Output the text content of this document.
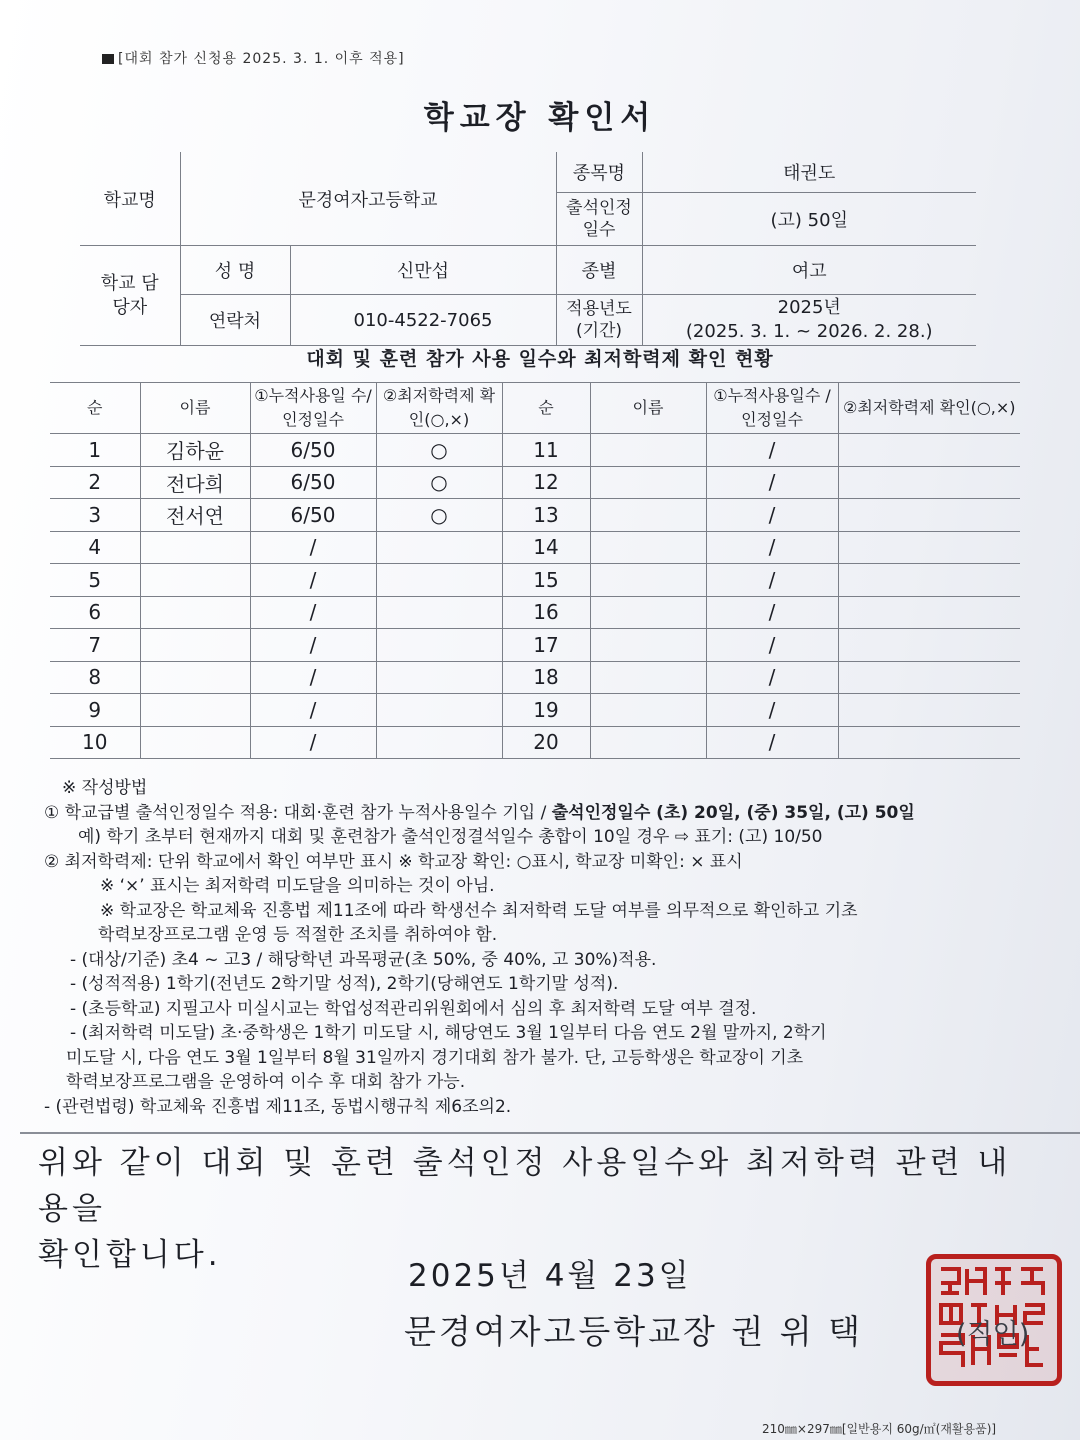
[대회 참가 신청용 2025. 3. 1. 이후 적용]
학교장 확인서
학교명	문경여자고등학교		종목명	태권도
			출석인정 일수	(고) 50일
학교 담당자	성 명	신만섭	종별	여고
	연락처	010-4522-7065	적용년도 (기간)	2025년
(2025. 3. 1. ~ 2026. 2. 28.)
대회 및 훈련 참가 사용 일수와 최저학력제 확인 현황
순	이름	①누적사용일 수/인정일수	②최저학력제 확인(○,×)	순	이름	①누적사용일수 /인정일수	②최저학력제 확인(○,×)
1	김하윤	6/50	○	11		/	
2	전다희	6/50	○	12		/	
3	전서연	6/50	○	13		/	
4		/		14		/	
5		/		15		/	
6		/		16		/	
7		/		17		/	
8		/		18		/	
9		/		19		/	
10		/		20		/	
※ 작성방법
① 학교급별 출석인정일수 적용: 대회·훈련 참가 누적사용일수 기입 / 출석인정일수 (초) 20일, (중) 35일, (고) 50일
예) 학기 초부터 현재까지 대회 및 훈련참가 출석인정결석일수 총합이 10일 경우 ⇨ 표기: (고) 10/50
② 최저학력제: 단위 학교에서 확인 여부만 표시 ※ 학교장 확인: ○표시, 학교장 미확인: × 표시
※ ‘×’ 표시는 최저학력 미도달을 의미하는 것이 아님.
※ 학교장은 학교체육 진흥법 제11조에 따라 학생선수 최저학력 도달 여부를 의무적으로 확인하고 기초
학력보장프로그램 운영 등 적절한 조치를 취하여야 함.
- (대상/기준) 초4 ~ 고3 / 해당학년 과목평균(초 50%, 중 40%, 고 30%)적용.
- (성적적용) 1학기(전년도 2학기말 성적), 2학기(당해연도 1학기말 성적).
- (초등학교) 지필고사 미실시교는 학업성적관리위원회에서 심의 후 최저학력 도달 여부 결정.
- (최저학력 미도달) 초·중학생은 1학기 미도달 시, 해당연도 3월 1일부터 다음 연도 2월 말까지, 2학기
미도달 시, 다음 연도 3월 1일부터 8월 31일까지 경기대회 참가 불가. 단, 고등학생은 학교장이 기초
학력보장프로그램을 운영하여 이수 후 대회 참가 가능.
- (관련법령) 학교체육 진흥법 제11조, 동법시행규칙 제6조의2.
위와 같이 대회 및 훈련 출석인정 사용일수와 최저학력 관련 내용을
확인합니다.
2025년 4월 23일
문경여자고등학교장 권 위 택	(직인)
210㎜×297㎜[일반용지 60g/㎡(재활용품)]
